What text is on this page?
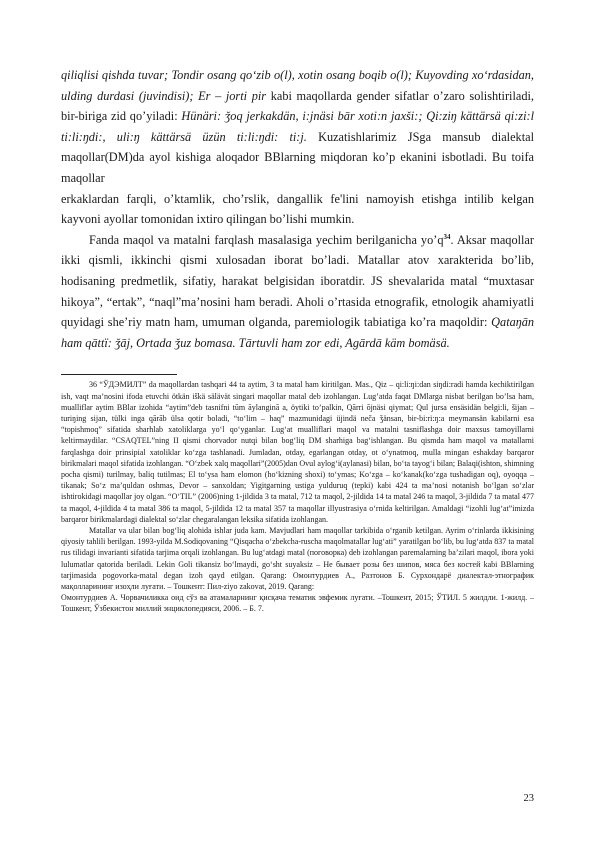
qiliqlisi qishda tuvar; Tondir osang qo‘zib o(l), xotin osang boqib o(l); Kuyovding xo‘rdasidan, ulding durdasi (juvindisi); Er – jorti pir kabi maqollarda gender sifatlar o’zaro solishtiriladi, bir-biriga zid qo’yiladi: Hünäri: ǯoq jerkakdän, i:jnäsi bār xoti:n jaxši:; Qi:ziŋ kättärsä qi:zi:l ti:li:ŋdi:, uli:ŋ kättärsä üzün ti:li:ŋdi: ti:j. Kuzatishlarimiz JSga mansub dialektal maqollar(DM)da ayol kishiga aloqador BBlarning miqdoran ko’p ekanini isbotladi. Bu toifa maqollar

erkaklardan farqli, o’ktamlik, cho’rslik, dangallik fe'lini namoyish etishga intilib kelgan kayvoni ayollar tomonidan ixtiro qilingan bo’lishi mumkin.

Fanda maqol va matalni farqlash masalasiga yechim berilganicha $yo’q^{34}$. Aksar maqollar ikki qismli, ikkinchi qismi xulosadan iborat bo’ladi. Matallar atov xarakterida bo’lib, hodisaning predmetlik, sifatiy, harakat belgisidan iboratdir. JS shevalarida matal “muxtasar hikoya”, “ertak”, “naql”ma’nosini ham beradi. Aholi o’rtasida etnografik, etnologik ahamiyatli quyidagi she’riy matn ham, umuman olganda, paremiologik tabiatiga ko’ra maqoldir: Qataŋān ham qāttï: ǯāj, Ortada ǯuz bomasa. Tārtuvli ham zor edi, Agārdā käm bomäsä.

36 “ЎДЭМИЛТ” da maqollardan tashqari 44 ta aytim, 3 ta matal ham kiritilgan. Mas., Qiz – qi:li:ŋi:dan siŋdi:radi hamda kechiktirilgan ish, vaqt ma’nosini ifoda etuvchi ötkän iškä sälävät singari maqollar matal deb izohlangan. Lug’atda faqat DMlarga nisbat berilgan bo’lsa ham, mualliflar aytim BBlar izohida “aytim”deb tasnifni tūm āylanginā a, öytiki to’palkin, Qārri ōjnäsi qiymat; Qul jursa ensäsidän belgi:li, šijan – turiŋing sijan, tülki inga qārāb ülsa qotir boladi, “to‘lim – haq” mazmunidagi üjindä neča ǯänsan, bir-bi:ri:ŋ:a meymansän kabilarni esa “topishmoq” sifatida sharhlab xatoliklarga yo‘l qo‘yganlar. Lug‘at mualliflari maqol va matalni tasniflashga doir maxsus tamoyillarni keltirmaydilar. “CSAQTEL”ning II qismi chorvador nutqi bilan bog‘liq DM sharhiga bag‘ishlangan. Bu qismda ham maqol va matallarni farqlashga doir prinsipial xatoliklar ko‘zga tashlanadi. Jumladan, otday, egarlangan otday, ot o‘ynatmoq, mulla mingan eshakday barqaror birikmalari maqol sifatida izohlangan. “O‘zbek xalq maqollari”(2005)dan Ovul aylog‘i(aylanasi) bilan, bo‘ta tayog‘i bilan; Balaqi(ishton, shimning pocha qismi) turilmay, baliq tutilmas; El to‘ysa ham elomon (ho‘kizning shoxi) to‘ymas; Ko‘zga – ko‘kanak(ko‘zga tushadigan oq), oyoqqa – tikanak; So‘z ma’quldan oshmas, Devor – sanxoldan; Yigitgarning ustiga yulduruq (tepki) kabi 424 ta ma’nosi notanish bo‘lgan so‘zlar ishtirokidagi maqollar joy olgan. “O‘TIL” (2006)ning 1-jildida 3 ta matal, 712 ta maqol, 2-jildida 14 ta matal 246 ta maqol, 3-jildida 7 ta matal 477 ta maqol, 4-jildida 4 ta matal 386 ta maqol, 5-jildida 12 ta matal 357 ta maqollar illyustrasiya o‘rnida keltirilgan. Amaldagi “izohli lug‘at”imizda barqaror birikmalardagi dialektal so‘zlar chegaralangan leksika sifatida izohlangan.

Matallar va ular bilan bog‘liq alohida ishlar juda kam. Mavjudlari ham maqollar tarkibida o‘rganib ketilgan. Ayrim o‘rinlarda ikkisining qiyosiy tahlili berilgan. 1993-yilda M.Sodiqovaning “Qisqacha o‘zbekcha-ruscha maqolmatallar lug‘ati” yaratilgan bo‘lib, bu lug‘atda 837 ta matal rus tilidagi invarianti sifatida tarjima orqali izohlangan. Bu lug‘atdagi matal (поговорка) deb izohlangan paremalarning ba’zilari maqol, ibora yoki lulumatlar qatorida beriladi. Lekin Goli tikansiz bo‘lmaydi, go‘sht suyaksiz – Не бывает розы без шипов, мяса без костей kabi BBlarning tarjimasida pogovorka-matal degan izoh qayd etilgan. Qarang: Омонтурдиев А., Разтонов Б. Сурхондарё диалектал-этнографик мақолларининг изоҳли луғати. – Тошкент: Пил-ziyo zakovat, 2019. Qarang:

Омонтурдиев А. Чорвачиликка оид сўз ва атамаларнинг қисқача тематик эвфемик луғати. –Тошкент, 2015; ЎТИЛ. 5 жилдли. 1-жилд. – Тошкент, Ўзбекистон миллий энциклопедияси, 2006. – Б. 7.

23
